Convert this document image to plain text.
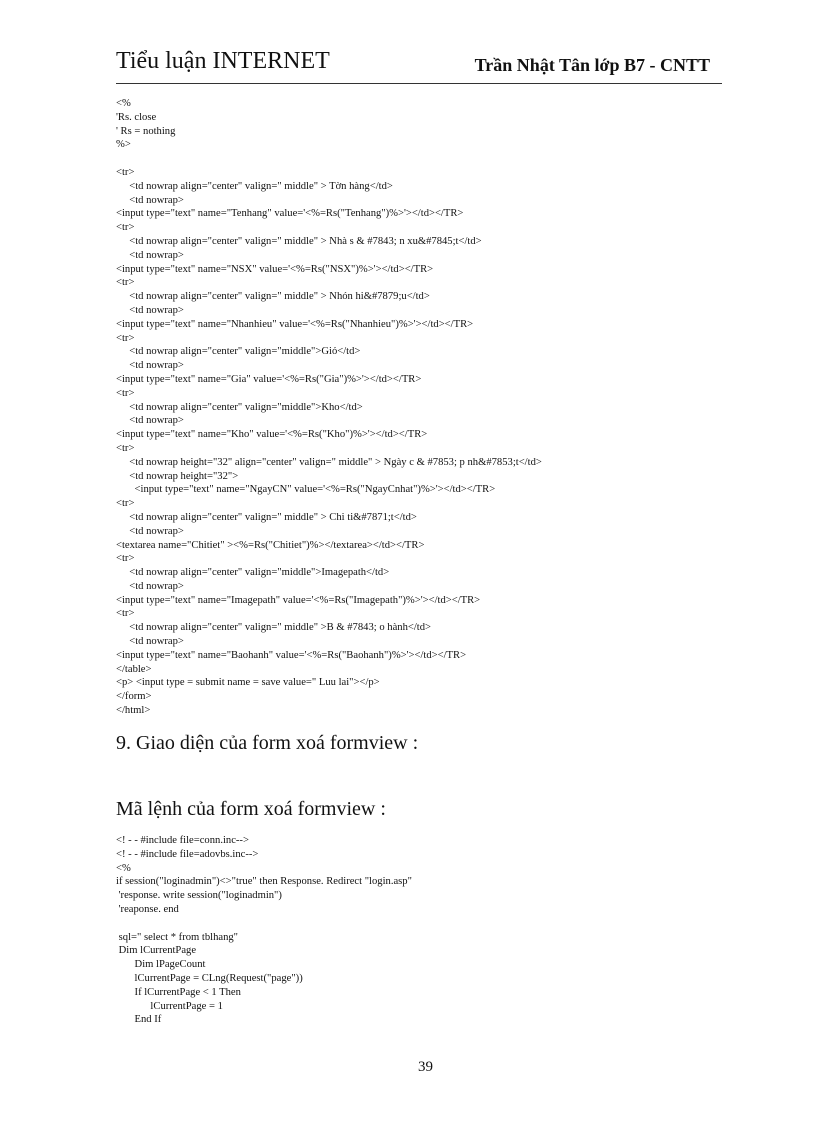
Tiểu luận INTERNET	Trần Nhật Tân lớp B7 - CNTT
<%
'Rs. close
' Rs = nothing
%>

<tr>
<td nowrap align="center" valign=" middle" > Tờn hàng</td>
<td nowrap>
<input type="text" name="Tenhang" value='<%=Rs("Tenhang")%>'></td></TR>
<tr>
<td nowrap align="center" valign=" middle" > Nhà s & #7843; n xu&#7845;t</td>
<td nowrap>
<input type="text" name="NSX" value='<%=Rs("NSX")%>'></td></TR>
<tr>
<td nowrap align="center" valign=" middle" > Nhón hi&#7879;u</td>
<td nowrap>
<input type="text" name="Nhanhieu" value='<%=Rs("Nhanhieu")%>'></td></TR>
<tr>
<td nowrap align="center" valign="middle">Giỏ</td>
<td nowrap>
<input type="text" name="Gia" value='<%=Rs("Gia")%>'></td></TR>
<tr>
<td nowrap align="center" valign="middle">Kho</td>
<td nowrap>
<input type="text" name="Kho" value='<%=Rs("Kho")%>'></td></TR>
<tr>
<td nowrap height="32" align="center" valign=" middle" > Ngày c & #7853; p nh&#7853;t</td>
<td nowrap height="32">
<input type="text" name="NgayCN" value='<%=Rs("NgayCnhat")%>'></td></TR>
<tr>
<td nowrap align="center" valign=" middle" > Chi ti&#7871;t</td>
<td nowrap>
<textarea name="Chitiet" ><%=Rs("Chitiet")%></textarea></td></TR>
<tr>
<td nowrap align="center" valign="middle">Imagepath</td>
<td nowrap>
<input type="text" name="Imagepath" value='<%=Rs("Imagepath")%>'></td></TR>
<tr>
<td nowrap align="center" valign=" middle" >B & #7843; o hành</td>
<td nowrap>
<input type="text" name="Baohanh" value='<%=Rs("Baohanh")%>'></td></TR>
</table>
<p> <input type = submit name = save value=" Luu lai"></p>
</form>
</html>
9. Giao diện của form xoá formview :
Mã lệnh của form xoá formview :
<! - - #include file=conn.inc-->
<! - - #include file=adovbs.inc-->
<%
if session("loginadmin")<>"true" then Response. Redirect "login.asp"
'response. write session("loginadmin")
'reaponse. end

sql=" select * from tblhang"
Dim lCurrentPage
Dim lPageCount
lCurrentPage = CLng(Request("page"))
If lCurrentPage < 1 Then
lCurrentPage = 1
End If
39
